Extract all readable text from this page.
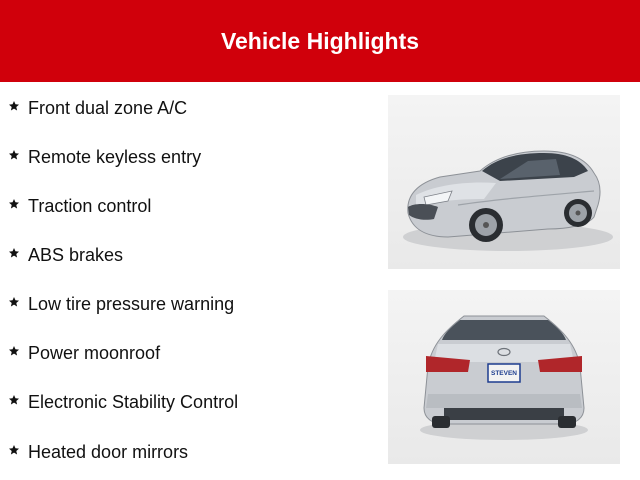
Vehicle Highlights
Front dual zone A/C
Remote keyless entry
Traction control
ABS brakes
Low tire pressure warning
Power moonroof
Electronic Stability Control
Heated door mirrors
STEVEN
